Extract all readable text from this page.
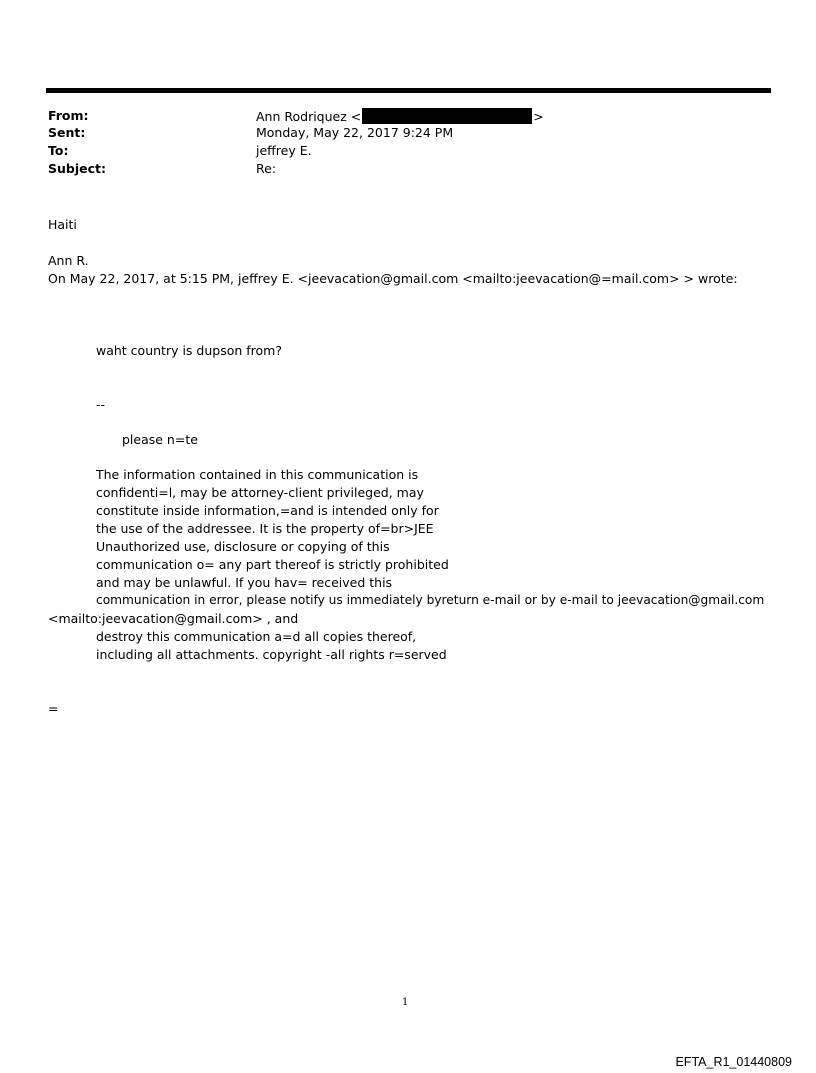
From:	Ann Rodriquez <	>
Sent:	Monday, May 22, 2017 9:24 PM
To:	jeffrey E.
Subject:	Re:
Haiti
Ann R.
On May 22, 2017, at 5:15 PM, jeffrey E. <jeevacation@gmail.com <mailto:jeevacation@=mail.com> > wrote:
waht country is dupson from?
--
please n=te
The information contained in this communication is
confidenti=l, may be attorney-client privileged, may
constitute inside information,=and is intended only for
the use of the addressee. It is the property of=br>JEE
Unauthorized use, disclosure or copying of this
communication o= any part thereof is strictly prohibited
and may be unlawful. If you hav= received this
communication in error, please notify us immediately byreturn e-mail or by e-mail to jeevacation@gmail.com
<mailto:jeevacation@gmail.com> , and
destroy this communication a=d all copies thereof,
including all attachments. copyright -all rights r=served
=
1
EFTA_R1_01440809
